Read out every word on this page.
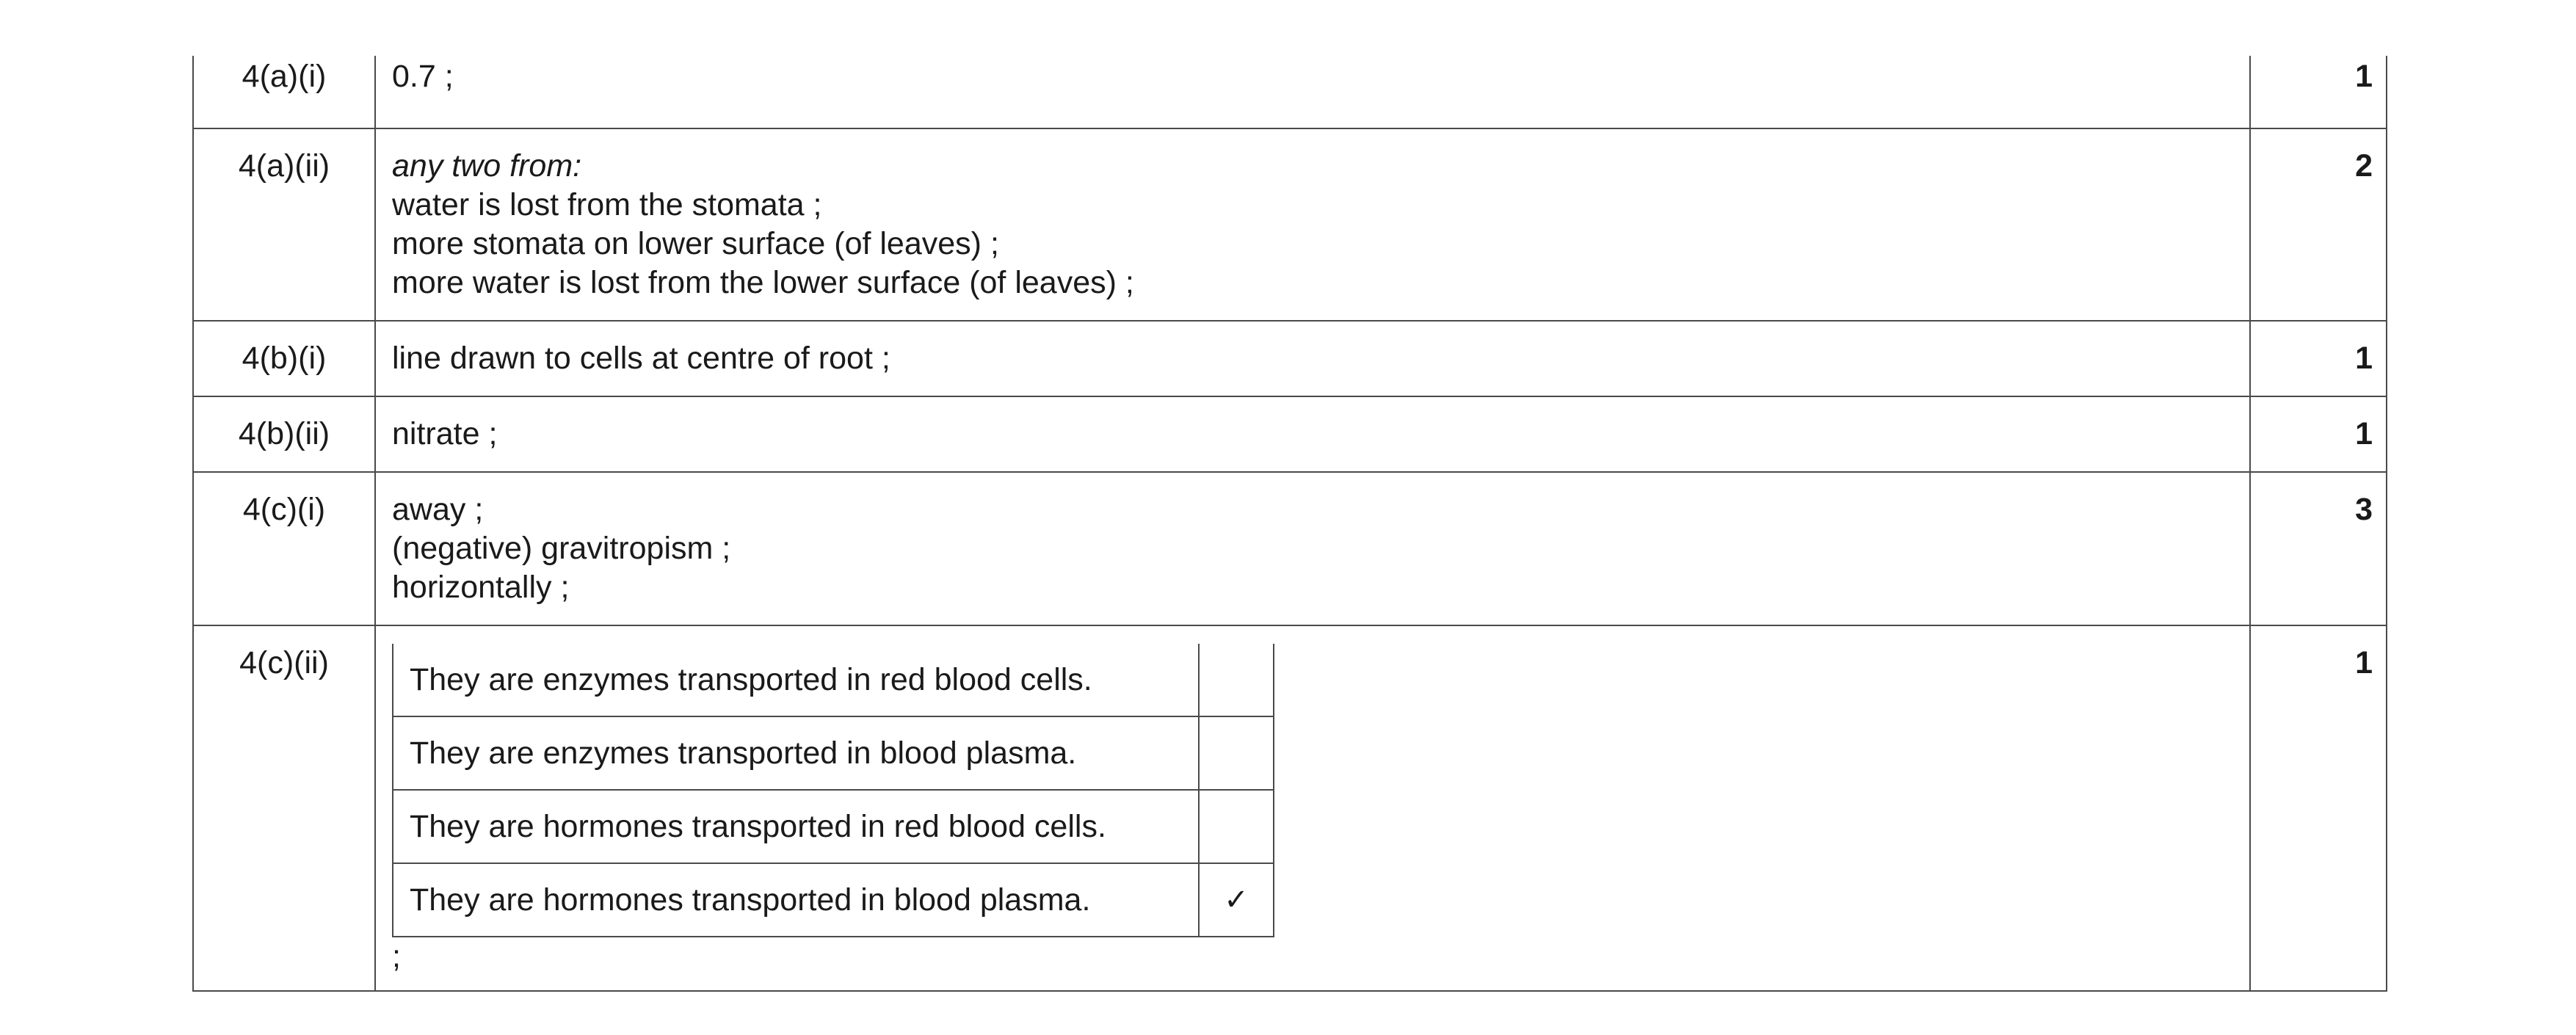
4(a)(i)	0.7 ;	1
4(a)(ii)	any two from:
water is lost from the stomata ;
more stomata on lower surface (of leaves) ;
more water is lost from the lower surface (of leaves) ;
	2
4(b)(i)	line drawn to cells at centre of root ;	1
4(b)(ii)	nitrate ;	1
4(c)(i)	away ;
(negative) gravitropism ;
horizontally ;
	3
4(c)(ii)		They are enzymes transported in red blood cells.	
They are enzymes transported in blood plasma.	
They are hormones transported in red blood cells.	
They are hormones transported in blood plasma.	✓
;
	1
